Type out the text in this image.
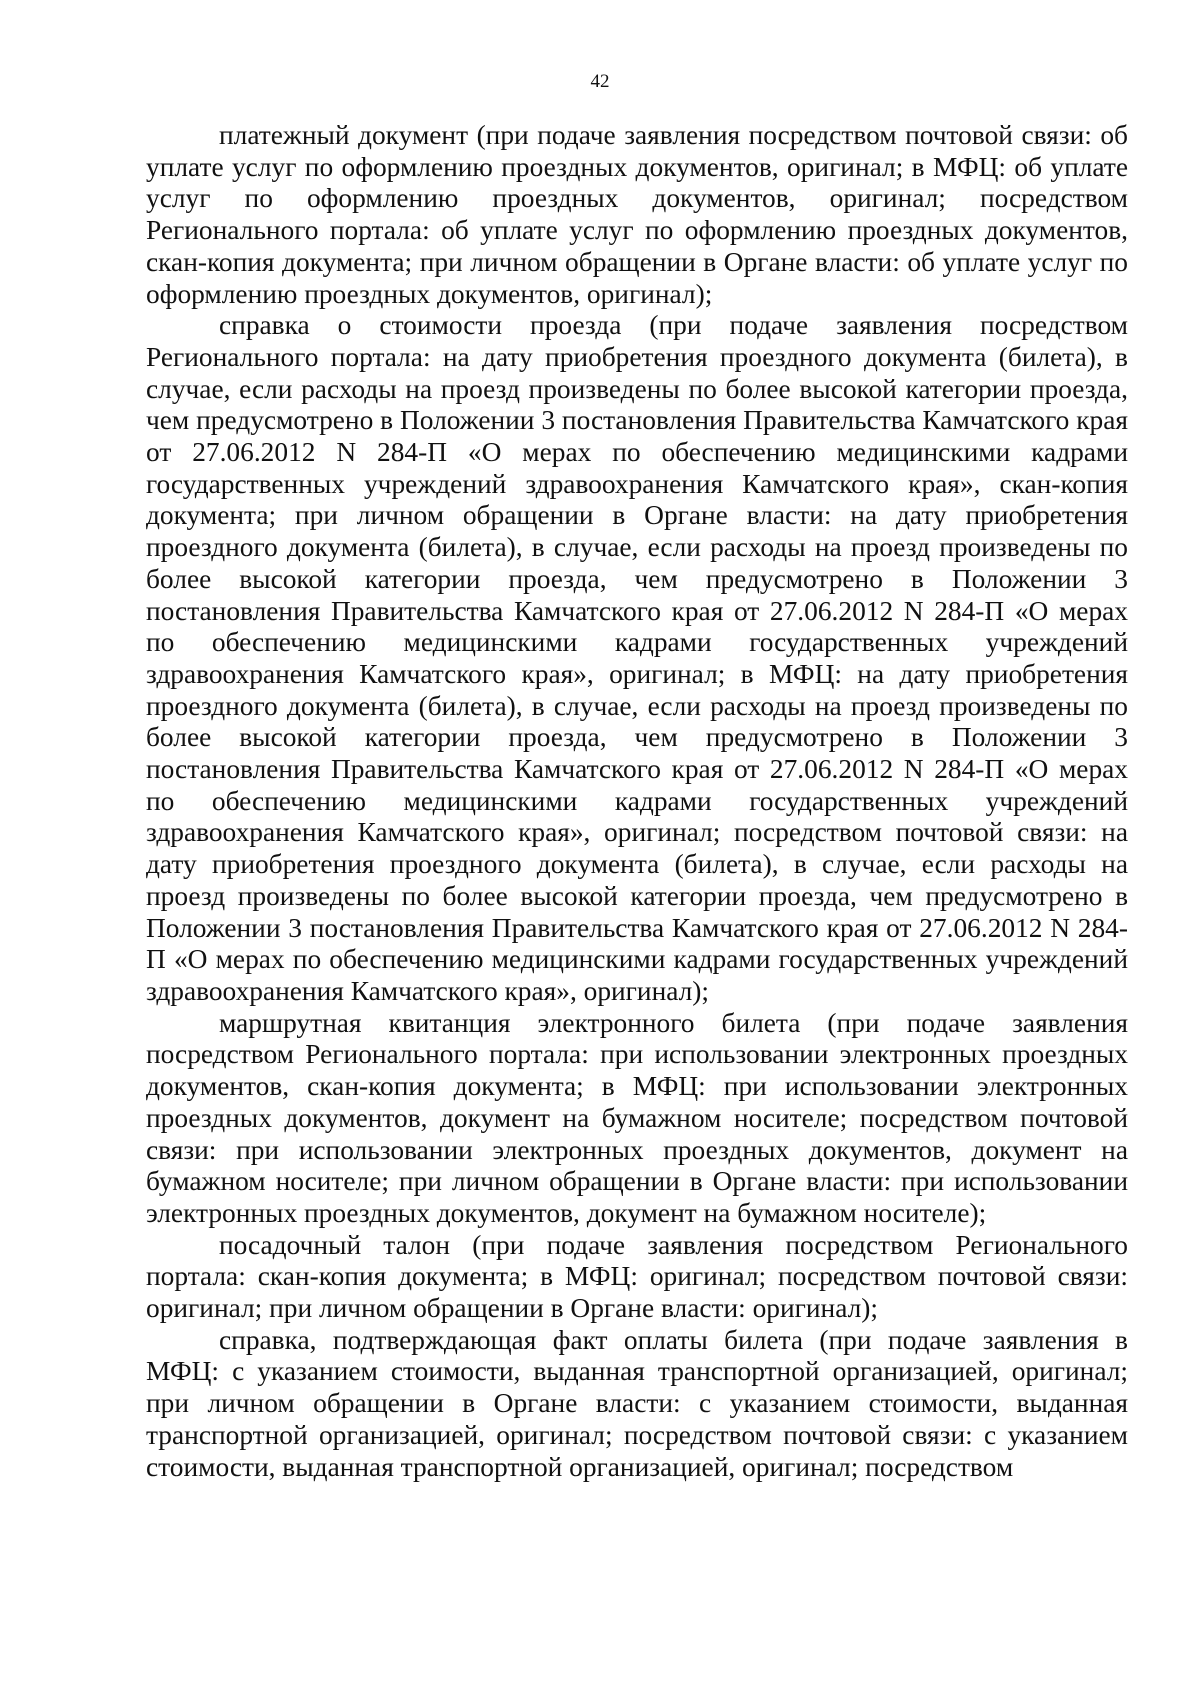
42

платежный документ (при подаче заявления посредством почтовой связи: об уплате услуг по оформлению проездных документов, оригинал; в МФЦ: об уплате услуг по оформлению проездных документов, оригинал; посредством Регионального портала: об уплате услуг по оформлению проездных документов, скан-копия документа; при личном обращении в Органе власти: об уплате услуг по оформлению проездных документов, оригинал);

справка о стоимости проезда (при подаче заявления посредством Регионального портала: на дату приобретения проездного документа (билета), в случае, если расходы на проезд произведены по более высокой категории проезда, чем предусмотрено в Положении 3 постановления Правительства Камчатского края от 27.06.2012 N 284-П «О мерах по обеспечению медицинскими кадрами государственных учреждений здравоохранения Камчатского края», скан-копия документа; при личном обращении в Органе власти: на дату приобретения проездного документа (билета), в случае, если расходы на проезд произведены по более высокой категории проезда, чем предусмотрено в Положении 3 постановления Правительства Камчатского края от 27.06.2012 N 284-П «О мерах по обеспечению медицинскими кадрами государственных учреждений здравоохранения Камчатского края», оригинал; в МФЦ: на дату приобретения проездного документа (билета), в случае, если расходы на проезд произведены по более высокой категории проезда, чем предусмотрено в Положении 3 постановления Правительства Камчатского края от 27.06.2012 N 284-П «О мерах по обеспечению медицинскими кадрами государственных учреждений здравоохранения Камчатского края», оригинал; посредством почтовой связи: на дату приобретения проездного документа (билета), в случае, если расходы на проезд произведены по более высокой категории проезда, чем предусмотрено в Положении 3 постановления Правительства Камчатского края от 27.06.2012 N 284-П «О мерах по обеспечению медицинскими кадрами государственных учреждений здравоохранения Камчатского края», оригинал);

маршрутная квитанция электронного билета (при подаче заявления посредством Регионального портала: при использовании электронных проездных документов, скан-копия документа; в МФЦ: при использовании электронных проездных документов, документ на бумажном носителе; посредством почтовой связи: при использовании электронных проездных документов, документ на бумажном носителе; при личном обращении в Органе власти: при использовании электронных проездных документов, документ на бумажном носителе);

посадочный талон (при подаче заявления посредством Регионального портала: скан-копия документа; в МФЦ: оригинал; посредством почтовой связи: оригинал; при личном обращении в Органе власти: оригинал);

справка, подтверждающая факт оплаты билета (при подаче заявления в МФЦ: с указанием стоимости, выданная транспортной организацией, оригинал; при личном обращении в Органе власти: с указанием стоимости, выданная транспортной организацией, оригинал; посредством почтовой связи: с указанием стоимости, выданная транспортной организацией, оригинал; посредством
